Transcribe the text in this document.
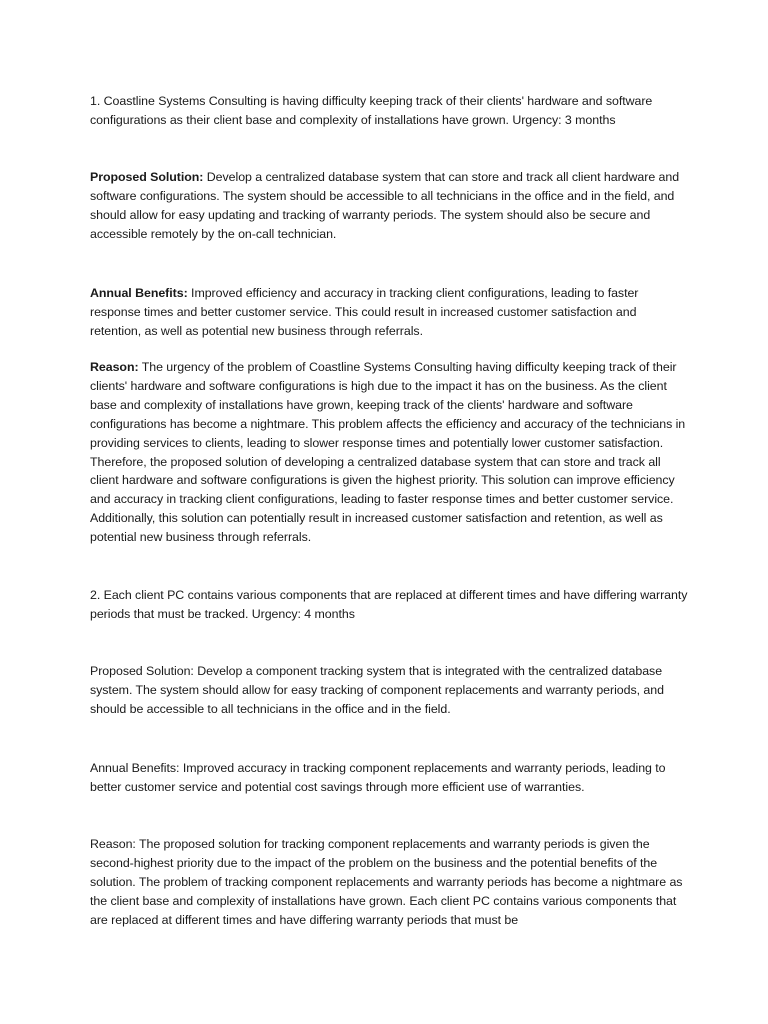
1. Coastline Systems Consulting is having difficulty keeping track of their clients' hardware and software configurations as their client base and complexity of installations have grown. Urgency: 3 months

Proposed Solution: Develop a centralized database system that can store and track all client hardware and software configurations. The system should be accessible to all technicians in the office and in the field, and should allow for easy updating and tracking of warranty periods. The system should also be secure and accessible remotely by the on-call technician.

Annual Benefits: Improved efficiency and accuracy in tracking client configurations, leading to faster response times and better customer service. This could result in increased customer satisfaction and retention, as well as potential new business through referrals.

Reason: The urgency of the problem of Coastline Systems Consulting having difficulty keeping track of their clients' hardware and software configurations is high due to the impact it has on the business. As the client base and complexity of installations have grown, keeping track of the clients' hardware and software configurations has become a nightmare. This problem affects the efficiency and accuracy of the technicians in providing services to clients, leading to slower response times and potentially lower customer satisfaction. Therefore, the proposed solution of developing a centralized database system that can store and track all client hardware and software configurations is given the highest priority. This solution can improve efficiency and accuracy in tracking client configurations, leading to faster response times and better customer service. Additionally, this solution can potentially result in increased customer satisfaction and retention, as well as potential new business through referrals.

2. Each client PC contains various components that are replaced at different times and have differing warranty periods that must be tracked. Urgency: 4 months

Proposed Solution: Develop a component tracking system that is integrated with the centralized database system. The system should allow for easy tracking of component replacements and warranty periods, and should be accessible to all technicians in the office and in the field.

Annual Benefits: Improved accuracy in tracking component replacements and warranty periods, leading to better customer service and potential cost savings through more efficient use of warranties.

Reason: The proposed solution for tracking component replacements and warranty periods is given the second-highest priority due to the impact of the problem on the business and the potential benefits of the solution. The problem of tracking component replacements and warranty periods has become a nightmare as the client base and complexity of installations have grown. Each client PC contains various components that are replaced at different times and have differing warranty periods that must be
